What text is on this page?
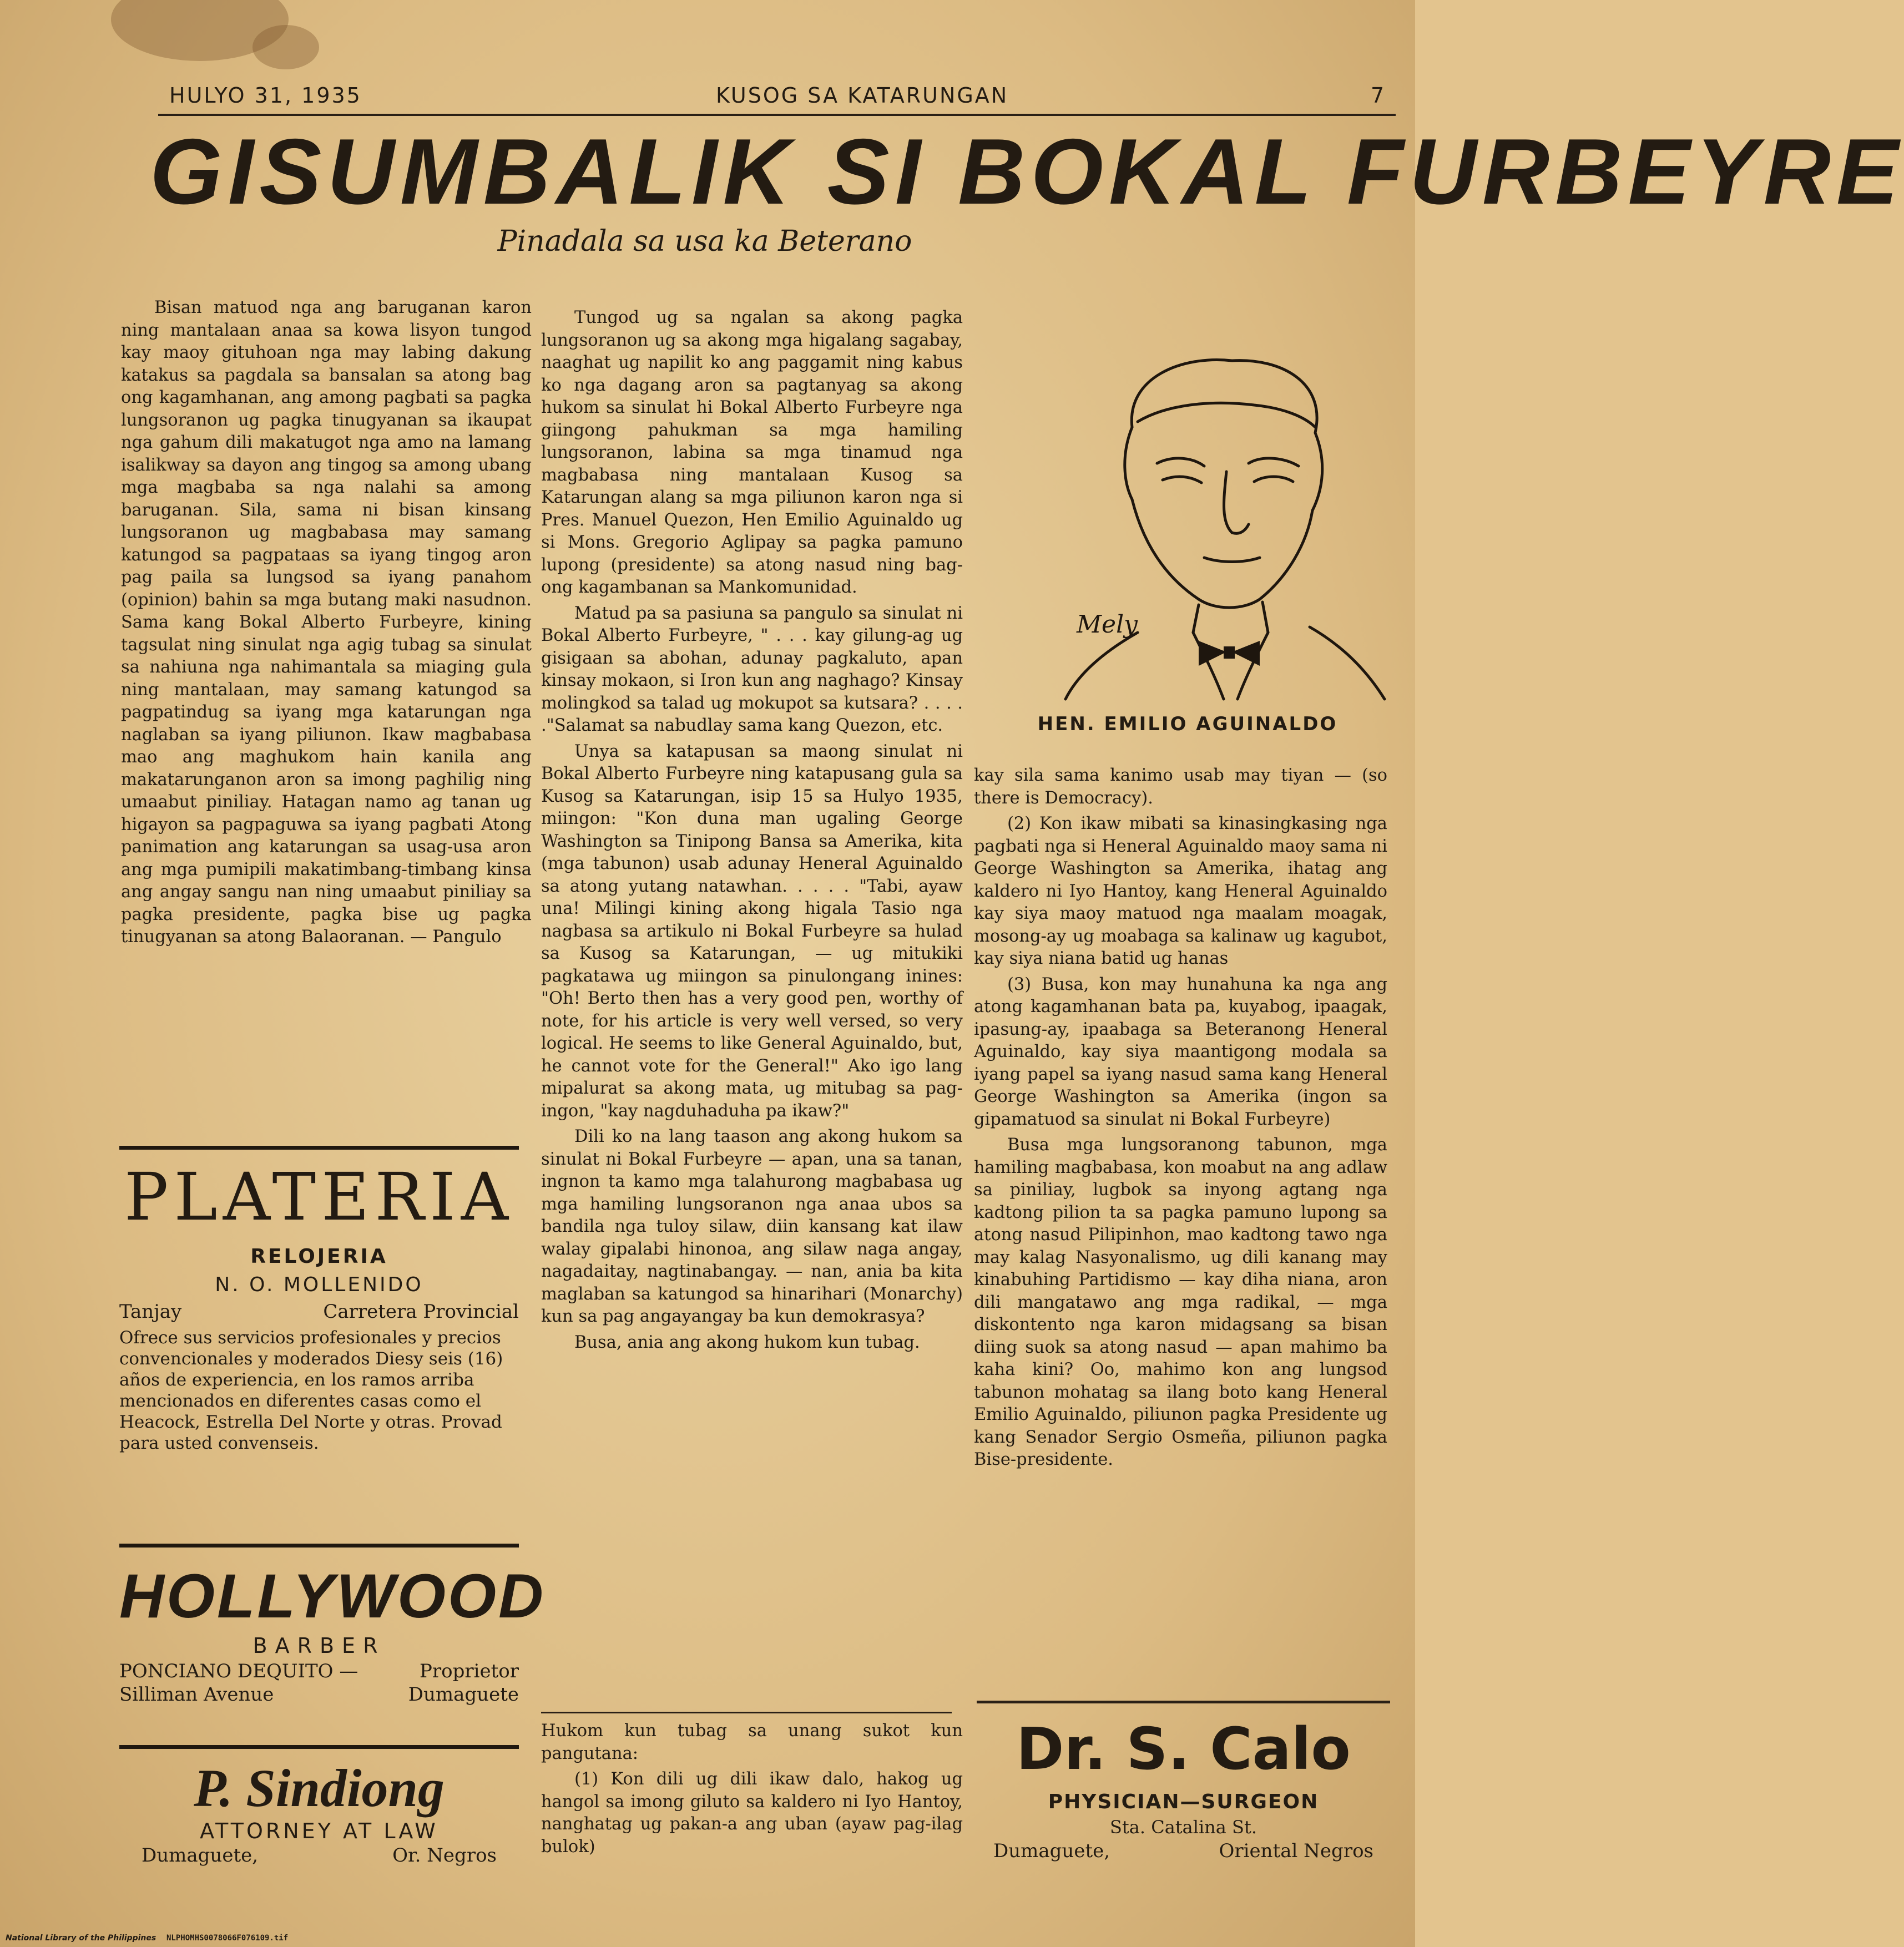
HULYO 31, 1935	KUSOG SA KATARUNGAN	7
GISUMBALIK SI BOKAL FURBEYRE
Pinadala sa usa ka Beterano

Bisan matuod nga ang baruganan karon ning mantalaan anaa sa kowa lisyon tungod kay maoy gituhoan nga may labing dakung katakus sa pagdala sa bansalan sa atong bag ong kagamhanan, ang among pagbati sa pagka lungsoranon ug pagka tinugyanan sa ikaupat nga gahum dili makatugot nga amo na lamang isalikway sa dayon ang tingog sa among ubang mga magbaba sa nga nalahi sa among baruganan. Sila, sama ni bisan kinsang lungsoranon ug magbabasa may samang katungod sa pagpataas sa iyang tingog aron pag paila sa lungsod sa iyang panahom (opinion) bahin sa mga butang maki nasudnon. Sama kang Bokal Alberto Furbeyre, kining tagsulat ning sinulat nga agig tubag sa sinulat sa nahiuna nga nahimantala sa miaging gula ning mantalaan, may samang katungod sa pagpatindug sa iyang mga katarungan nga naglaban sa iyang piliunon. Ikaw magbabasa mao ang maghukom hain kanila ang makatarunganon aron sa imong paghilig ning umaabut piniliay. Hatagan namo ag tanan ug higayon sa pagpaguwa sa iyang pagbati Atong panimation ang katarungan sa usag-usa aron ang mga pumipili makatimbang-timbang kinsa ang angay sangu nan ning umaabut piniliay sa pagka presidente, pagka bise ug pagka tinugyanan sa atong Balaoranan. — Pangulo

Tungod ug sa ngalan sa akong pagka lungsoranon ug sa akong mga higalang sagabay, naaghat ug napilit ko ang paggamit ning kabus ko nga dagang aron sa pagtanyag sa akong hukom sa sinulat hi Bokal Alberto Furbeyre nga giingong pahukman sa mga hamiling lungsoranon, labina sa mga tinamud nga magbabasa ning mantalaan Kusog sa Katarungan alang sa mga piliunon karon nga si Pres. Manuel Quezon, Hen Emilio Aguinaldo ug si Mons. Gregorio Aglipay sa pagka pamuno lupong (presidente) sa atong nasud ning bag-ong kagambanan sa Mankomunidad.

Matud pa sa pasiuna sa pangulo sa sinulat ni Bokal Alberto Furbeyre, " . . . kay gilung-ag ug gisigaan sa abohan, adunay pagkaluto, apan kinsay mokaon, si Iron kun ang naghago? Kinsay molingkod sa talad ug mokupot sa kutsara? . . . . ."Salamat sa nabudlay sama kang Quezon, etc.

Unya sa katapusan sa maong sinulat ni Bokal Alberto Furbeyre ning katapusang gula sa Kusog sa Katarungan, isip 15 sa Hulyo 1935, miingon: "Kon duna man ugaling George Washington sa Tinipong Bansa sa Amerika, kita (mga tabunon) usab adunay Heneral Aguinaldo sa atong yutang natawhan. . . . . "Tabi, ayaw una! Milingi kining akong higala Tasio nga nagbasa sa artikulo ni Bokal Furbeyre sa hulad sa Kusog sa Katarungan, — ug mitukiki pagkatawa ug miingon sa pinulongang inines: "Oh! Berto then has a very good pen, worthy of note, for his article is very well versed, so very logical. He seems to like General Aguinaldo, but, he cannot vote for the General!" Ako igo lang mipalurat sa akong mata, ug mitubag sa pag-ingon, "kay nagduhaduha pa ikaw?"

Dili ko na lang taason ang akong hukom sa sinulat ni Bokal Furbeyre — apan, una sa tanan, ingnon ta kamo mga talahurong magbabasa ug mga hamiling lungsoranon nga anaa ubos sa bandila nga tuloy silaw, diin kansang kat ilaw walay gipalabi hinonoa, ang silaw naga angay, nagadaitay, nagtinabangay. — nan, ania ba kita maglaban sa katungod sa hinarihari (Monarchy) kun sa pag angayangay ba kun demokrasya?

Busa, ania ang akong hukom kun tubag.

Hukom kun tubag sa unang sukot kun pangutana:

(1) Kon dili ug dili ikaw dalo, hakog ug hangol sa imong giluto sa kaldero ni Iyo Hantoy, nanghatag ug pakan-a ang uban (ayaw pag-ilag bulok)

Mely
HEN. EMILIO AGUINALDO

kay sila sama kanimo usab may tiyan — (so there is Democracy).

(2) Kon ikaw mibati sa kinasingkasing nga pagbati nga si Heneral Aguinaldo maoy sama ni George Washington sa Amerika, ihatag ang kaldero ni Iyo Hantoy, kang Heneral Aguinaldo kay siya maoy matuod nga maalam moagak, mosong-ay ug moabaga sa kalinaw ug kagubot, kay siya niana batid ug hanas

(3) Busa, kon may hunahuna ka nga ang atong kagamhanan bata pa, kuyabog, ipaagak, ipasung-ay, ipaabaga sa Beteranong Heneral Aguinaldo, kay siya maantigong modala sa iyang papel sa iyang nasud sama kang Heneral George Washington sa Amerika (ingon sa gipamatuod sa sinulat ni Bokal Furbeyre)

Busa mga lungsoranong tabunon, mga hamiling magbabasa, kon moabut na ang adlaw sa piniliay, lugbok sa inyong agtang nga kadtong pilion ta sa pagka pamuno lupong sa atong nasud Pilipinhon, mao kadtong tawo nga may kalag Nasyonalismo, ug dili kanang may kinabuhing Partidismo — kay diha niana, aron dili mangatawo ang mga radikal, — mga diskontento nga karon midagsang sa bisan diing suok sa atong nasud — apan mahimo ba kaha kini? Oo, mahimo kon ang lungsod tabunon mohatag sa ilang boto kang Heneral Emilio Aguinaldo, piliunon pagka Presidente ug kang Senador Sergio Osmeña, piliunon pagka Bise-presidente.

PLATERIA
RELOJERIA
N. O. MOLLENIDO
Tanjay	Carretera Provincial
Ofrece sus servicios profesionales y precios convencionales y moderados Diesy seis (16) años de experiencia, en los ramos arriba mencionados en diferentes casas como el Heacock, Estrella Del Norte y otras. Provad para usted convenseis.
HOLLYWOOD
BARBER
PONCIANO DEQUITO —	Proprietor
Silliman Avenue	Dumaguete
P. Sindiong
ATTORNEY AT LAW
Dumaguete,	Or. Negros
Dr. S. Calo
PHYSICIAN—SURGEON
Sta. Catalina St.
Dumaguete,	Oriental Negros
National Library of the Philippines NLPHOMHS0078066F076109.tif
